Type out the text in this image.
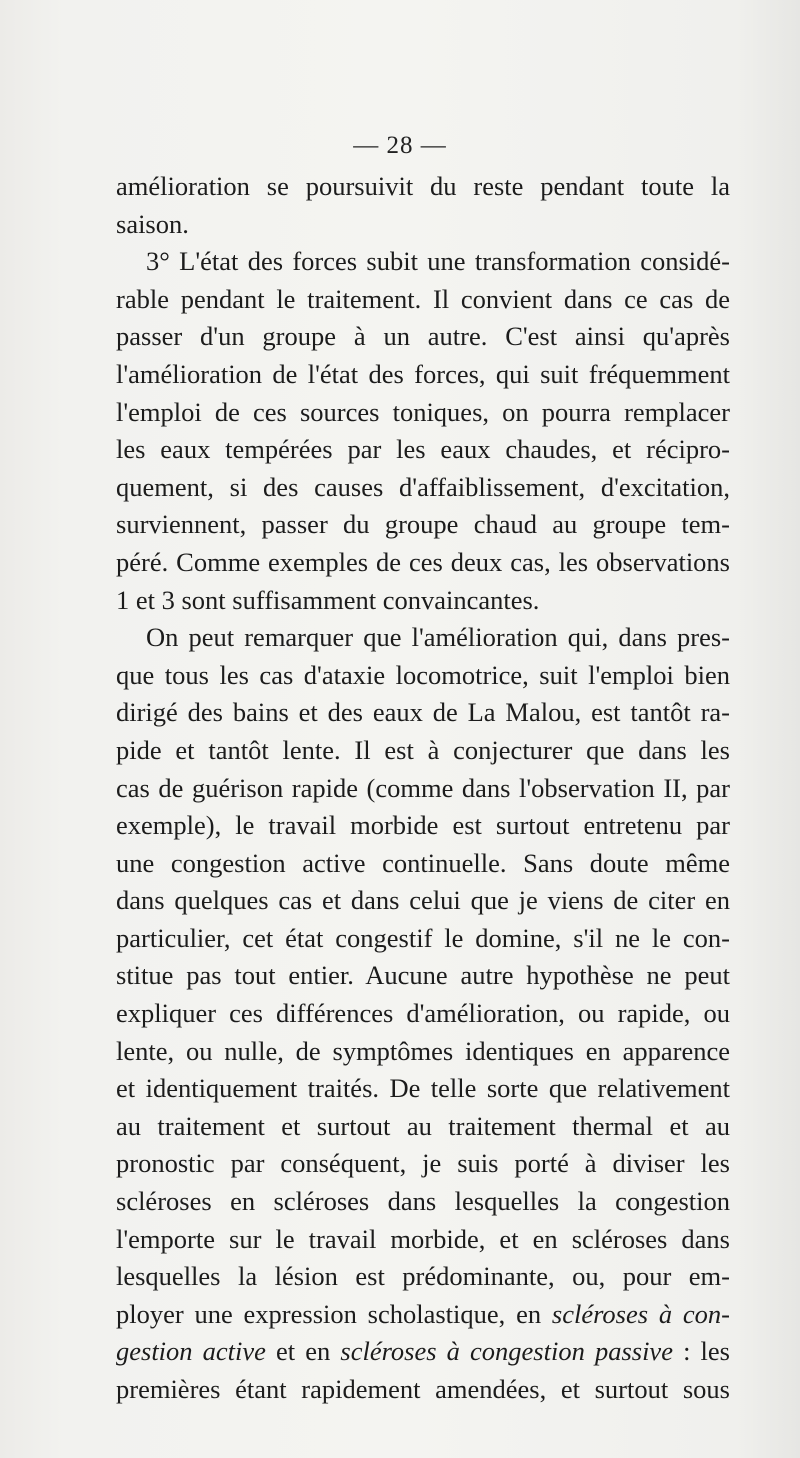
— 28 —
amélioration se poursuivit du reste pendant toute la
saison.
3° L'état des forces subit une transformation considé-
rable pendant le traitement. Il convient dans ce cas de
passer d'un groupe à un autre. C'est ainsi qu'après
l'amélioration de l'état des forces, qui suit fréquemment
l'emploi de ces sources toniques, on pourra remplacer
les eaux tempérées par les eaux chaudes, et récipro-
quement, si des causes d'affaiblissement, d'excitation,
surviennent, passer du groupe chaud au groupe tem-
péré. Comme exemples de ces deux cas, les observations
1 et 3 sont suffisamment convaincantes.
On peut remarquer que l'amélioration qui, dans pres-
que tous les cas d'ataxie locomotrice, suit l'emploi bien
dirigé des bains et des eaux de La Malou, est tantôt ra-
pide et tantôt lente. Il est à conjecturer que dans les
cas de guérison rapide (comme dans l'observation II, par
exemple), le travail morbide est surtout entretenu par
une congestion active continuelle. Sans doute même
dans quelques cas et dans celui que je viens de citer en
particulier, cet état congestif le domine, s'il ne le con-
stitue pas tout entier. Aucune autre hypothèse ne peut
expliquer ces différences d'amélioration, ou rapide, ou
lente, ou nulle, de symptômes identiques en apparence
et identiquement traités. De telle sorte que relativement
au traitement et surtout au traitement thermal et au
pronostic par conséquent, je suis porté à diviser les
scléroses en scléroses dans lesquelles la congestion
l'emporte sur le travail morbide, et en scléroses dans
lesquelles la lésion est prédominante, ou, pour em-
ployer une expression scholastique, en scléroses à con-
gestion active et en scléroses à congestion passive : les
premières étant rapidement amendées, et surtout sous
